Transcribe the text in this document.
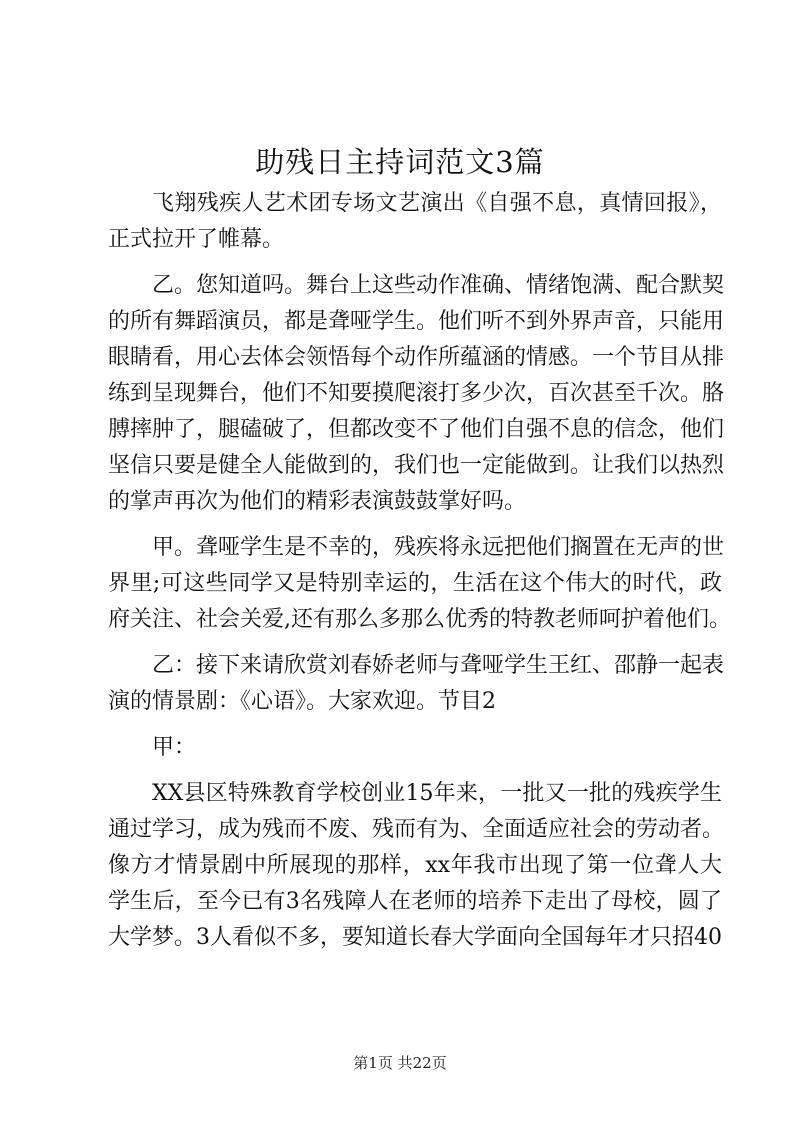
助残日主持词范文3篇

飞翔残疾人艺术团专场文艺演出《自强不息，真情回报》，
正式拉开了帷幕。

乙。您知道吗。舞台上这些动作准确、情绪饱满、配合默契
的所有舞蹈演员，都是聋哑学生。他们听不到外界声音，只能用
眼睛看，用心去体会领悟每个动作所蕴涵的情感。一个节目从排
练到呈现舞台，他们不知要摸爬滚打多少次，百次甚至千次。胳
膊摔肿了，腿磕破了，但都改变不了他们自强不息的信念，他们
坚信只要是健全人能做到的，我们也一定能做到。让我们以热烈
的掌声再次为他们的精彩表演鼓鼓掌好吗。

甲。聋哑学生是不幸的，残疾将永远把他们搁置在无声的世
界里;可这些同学又是特别幸运的，生活在这个伟大的时代，政
府关注、社会关爱,还有那么多那么优秀的特教老师呵护着他们。

乙：接下来请欣赏刘春娇老师与聋哑学生王红、邵静一起表
演的情景剧：《心语》。大家欢迎。节目2

甲：

XX县区特殊教育学校创业15年来，一批又一批的残疾学生
通过学习，成为残而不废、残而有为、全面适应社会的劳动者。
像方才情景剧中所展现的那样，xx年我市出现了第一位聋人大
学生后，至今已有3名残障人在老师的培养下走出了母校，圆了
大学梦。3人看似不多，要知道长春大学面向全国每年才只招40

第1页 共22页
